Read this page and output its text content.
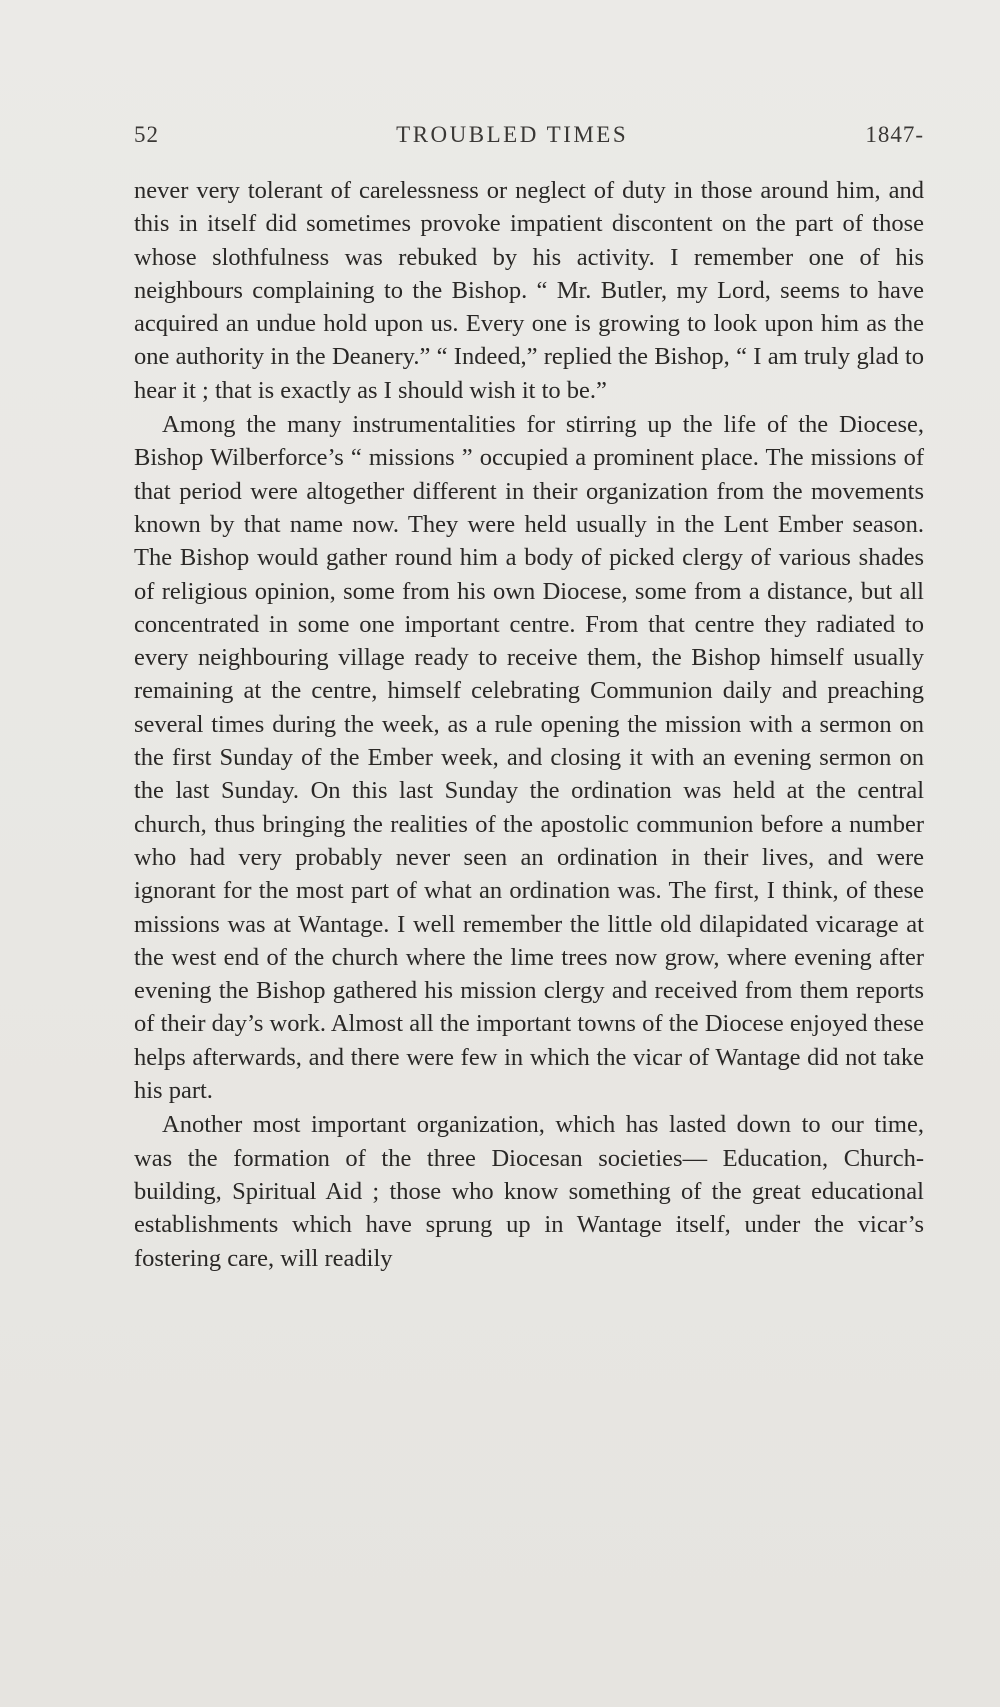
52	TROUBLED TIMES	1847-

never very tolerant of carelessness or neglect of duty in those around him, and this in itself did sometimes provoke impatient discontent on the part of those whose slothfulness was rebuked by his activity. I remember one of his neighbours complaining to the Bishop. “ Mr. Butler, my Lord, seems to have acquired an undue hold upon us. Every one is growing to look upon him as the one authority in the Deanery.” “ Indeed,” replied the Bishop, “ I am truly glad to hear it ; that is exactly as I should wish it to be.”

Among the many instrumentalities for stirring up the life of the Diocese, Bishop Wilberforce’s “ missions ” occupied a prominent place. The missions of that period were altogether different in their organization from the movements known by that name now. They were held usually in the Lent Ember season. The Bishop would gather round him a body of picked clergy of various shades of religious opinion, some from his own Diocese, some from a distance, but all concentrated in some one important centre. From that centre they radiated to every neighbouring village ready to receive them, the Bishop himself usually remaining at the centre, himself celebrating Communion daily and preaching several times during the week, as a rule opening the mission with a sermon on the first Sunday of the Ember week, and closing it with an evening sermon on the last Sunday. On this last Sunday the ordination was held at the central church, thus bringing the realities of the apostolic communion before a number who had very probably never seen an ordination in their lives, and were ignorant for the most part of what an ordination was. The first, I think, of these missions was at Wantage. I well remember the little old dilapidated vicarage at the west end of the church where the lime trees now grow, where evening after evening the Bishop gathered his mission clergy and received from them reports of their day’s work. Almost all the important towns of the Diocese enjoyed these helps afterwards, and there were few in which the vicar of Wantage did not take his part.

Another most important organization, which has lasted down to our time, was the formation of the three Diocesan societies— Education, Church-building, Spiritual Aid ; those who know something of the great educational establishments which have sprung up in Wantage itself, under the vicar’s fostering care, will readily
